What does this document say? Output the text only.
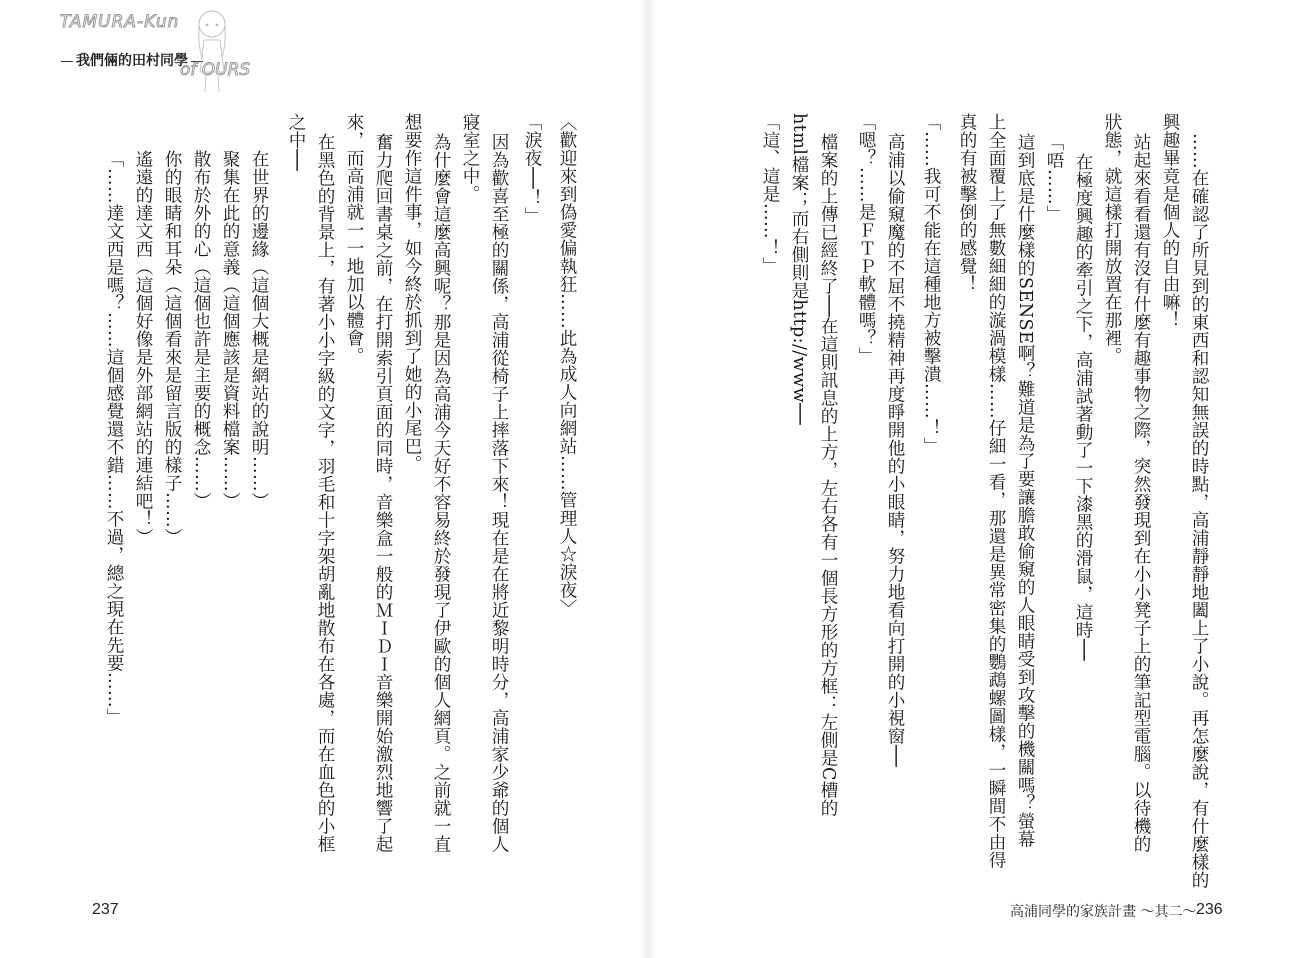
TAMURA-Kun
我們倆的田村同學
of OURS
「……達文西是嗎？……這個感覺還不錯……不過，總之現在先要……」 遙遠的達文西（這個好像是外部網站的連結吧！） 你的眼睛和耳朵（這個看來是留言版的樣子……） 散布於外的心（這個也許是主要的概念……） 聚集在此的意義（這個應該是資料檔案……） 在世界的邊緣（這個大概是網站的說明……）
之中── 在黑色的背景上，有著小小字級的文字，羽毛和十字架胡亂地散布在各處，而在血色的小框 來，而高浦就一一地加以體會。 奮力爬回書桌之前，在打開索引頁面的同時，音樂盒一般的ＭＩＤＩ音樂開始激烈地響了起 想要作這件事，如今終於抓到了她的小尾巴。 為什麼會這麼高興呢？那是因為高浦今天好不容易終於發現了伊歐的個人網頁。之前就一直 寢室之中。 因為歡喜至極的關係，高浦從椅子上摔落下來！現在是在將近黎明時分，高浦家少爺的個人 「淚夜──！」 〈歡迎來到偽愛偏執狂……此為成人向網站……管理人☆淚夜〉
237
「這、這是……！」 html檔案；而右側則是http://www── 檔案的上傳已經終了──在這則訊息的上方，左右各有一個長方形的方框：左側是C槽的 「嗯？……是ＦＴＰ軟體嗎？」 高浦以偷窺魔的不屈不撓精神再度睜開他的小眼睛，努力地看向打開的小視窗── 「……我可不能在這種地方被擊潰……！」 真的有被擊倒的感覺！ 上全面覆上了無數細細的漩渦模樣……仔細一看，那還是異常密集的鸚鵡螺圖樣，一瞬間不由得 這到底是什麼樣的SENSE啊？難道是為了要讓膽敢偷窺的人眼睛受到攻擊的機關嗎？螢幕 「唔……」 在極度興趣的牽引之下，高浦試著動了一下漆黑的滑鼠，這時── 狀態，就這樣打開放置在那裡。 站起來看看還有沒有什麼有趣事物之際，突然發現到在小小凳子上的筆記型電腦。以待機的 興趣畢竟是個人的自由嘛！ ……在確認了所見到的東西和認知無誤的時點，高浦靜靜地闔上了小說。再怎麼說，有什麼樣的
高浦同學的家族計畫 ～其二～ 236
